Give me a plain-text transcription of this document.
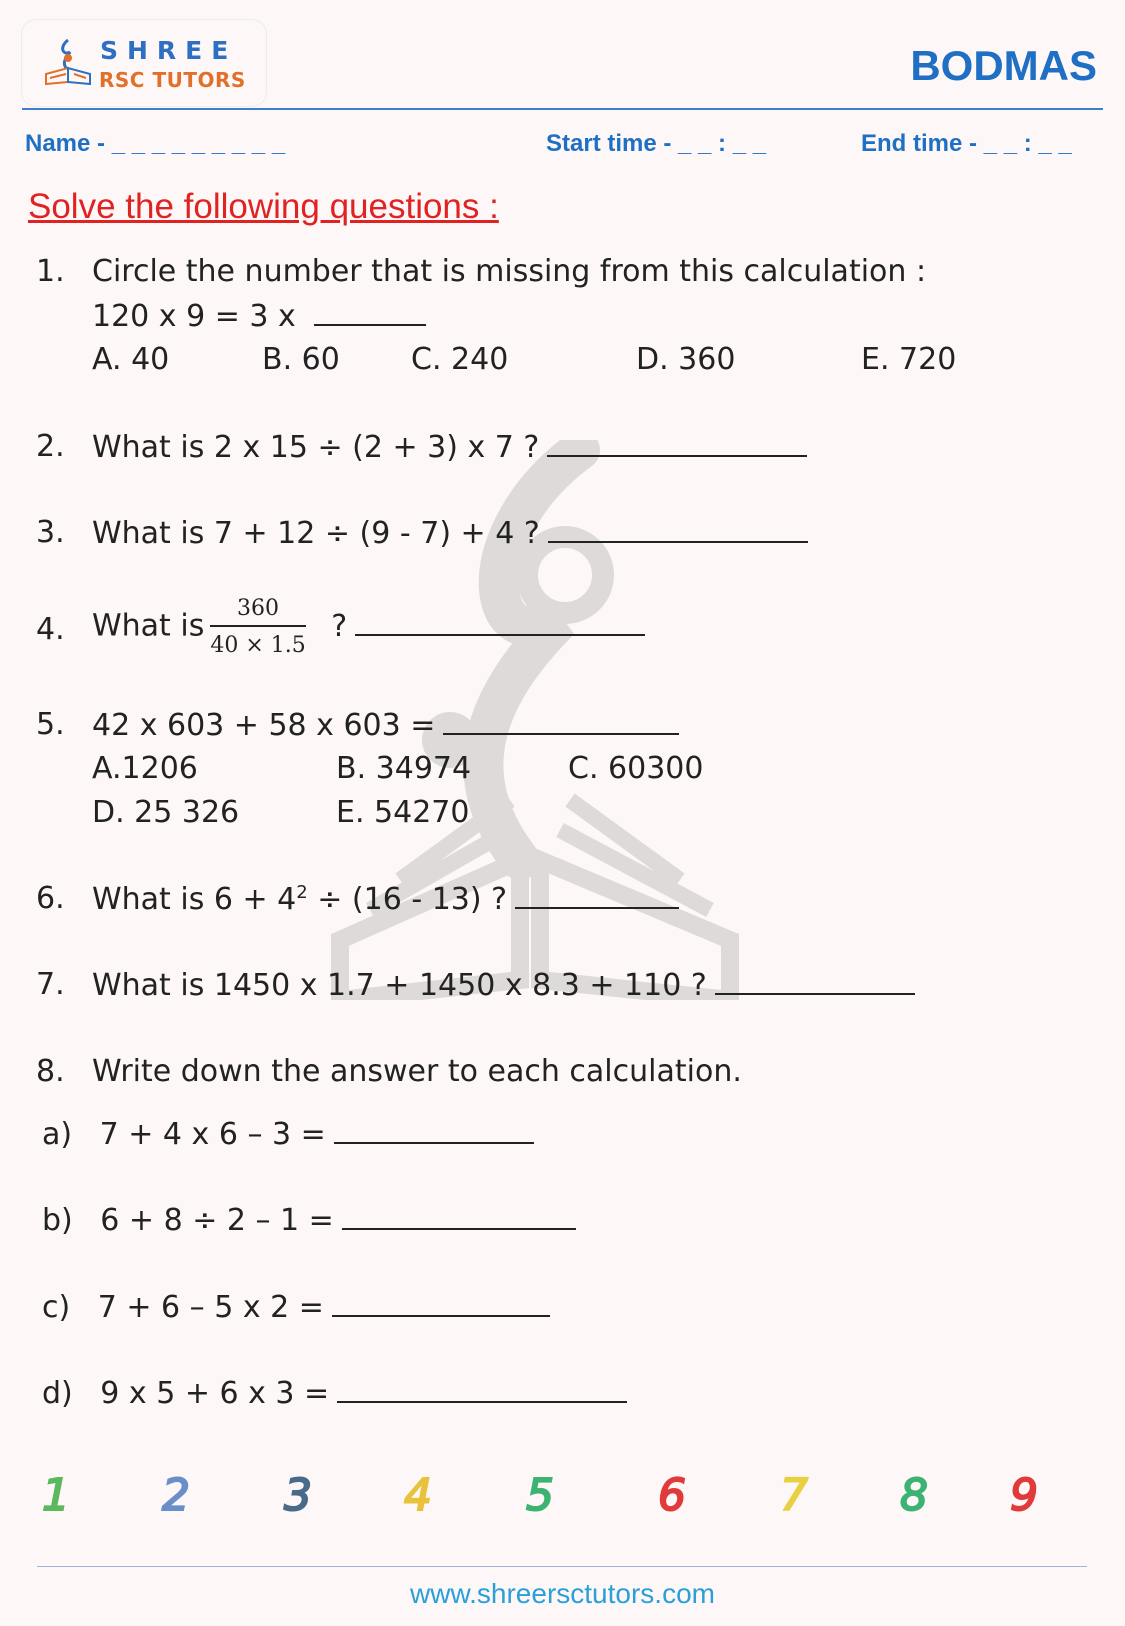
SHREE
RSC TUTORS	BODMAS
Name - _ _ _ _ _ _ _ _ _	Start time - _ _ : _ _	End time - _ _ : _ _
Solve the following questions :
1. Circle the number that is missing from this calculation :
120 x 9 = 3 x
A. 40	B. 60 C. 240	D. 360	E. 720
2. What is 2 x 15 ÷ (2 + 3) x 7 ?
3. What is 7 + 12 ÷ (9 - 7) + 4 ?
4. What is $\frac{360}{40 \times 1.5}$ ?
5. 42 x 603 + 58 x 603 =
A.1206	B. 34974	C. 60300
D. 25 326	E. 54270
6. What is $6 + 4^2 \div (16 - 13)$ ?
7. What is 1450 x 1.7 + 1450 x 8.3 + 110 ?
8. Write down the answer to each calculation.
a) 7 + 4 x 6 – 3 =
b) 6 + 8 ÷ 2 – 1 =
c) 7 + 6 – 5 x 2 =
d) 9 x 5 + 6 x 3 =
1 2 3 4 5 6 7 8 9
www.shreersctutors.com
